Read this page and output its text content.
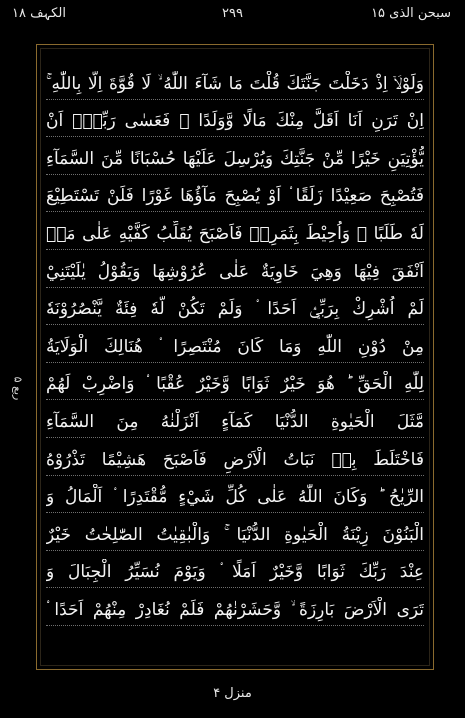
الکہف ۱۸	۲۹۹	سبحن الذی ۱۵
وَلَوْلَاۤ اِذْ دَخَلْتَ جَنَّتَكَ قُلْتَ مَا شَآءَ اللّٰهُ ۙ لَا قُوَّةَ اِلَّا بِاللّٰهِ ۚ
اِنْ تَرَنِ اَنَا اَقَلَّ مِنْكَ مَالًا وَّوَلَدًا ۟ فَعَسٰى رَبِّيْۤ اَنْ
يُّؤْتِيَنِ خَيْرًا مِّنْ جَنَّتِكَ وَيُرْسِلَ عَلَيْهَا حُسْبَانًا مِّنَ السَّمَآءِ
فَتُصْبِحَ صَعِيْدًا زَلَقًا ۟ اَوْ يُصْبِحَ مَآؤُهَا غَوْرًا فَلَنْ تَسْتَطِيْعَ
لَهٗ طَلَبًا ۟ وَاُحِيْطَ بِثَمَرِهٖ فَاَصْبَحَ يُقَلِّبُ كَفَّيْهِ عَلٰى مَاۤ
اَنْفَقَ فِيْهَا وَهِيَ خَاوِيَةٌ عَلٰى عُرُوْشِهَا وَيَقُوْلُ يٰلَيْتَنِيْ
لَمْ اُشْرِكْ بِرَبِّيْۤ اَحَدًا ۟ وَلَمْ تَكُنْ لَّهٗ فِئَةٌ يَّنْصُرُوْنَهٗ
مِنْ دُوْنِ اللّٰهِ وَمَا كَانَ مُنْتَصِرًا ۟ هُنَالِكَ الْوَلَايَةُ
لِلّٰهِ الْحَقِّ ؕ هُوَ خَيْرٌ ثَوَابًا وَّخَيْرٌ عُقْبًا ۟ وَاضْرِبْ لَهُمْ
مَّثَلَ الْحَيٰوةِ الدُّنْيَا كَمَآءٍ اَنْزَلْنٰهُ مِنَ السَّمَآءِ
فَاخْتَلَطَ بِهٖ نَبَاتُ الْاَرْضِ فَاَصْبَحَ هَشِيْمًا تَذْرُوْهُ
الرِّيٰحُ ؕ وَكَانَ اللّٰهُ عَلٰى كُلِّ شَيْءٍ مُّقْتَدِرًا ۟ اَلْمَالُ وَ
الْبَنُوْنَ زِيْنَةُ الْحَيٰوةِ الدُّنْيَا ۚ وَالْبٰقِيٰتُ الصّٰلِحٰتُ خَيْرٌ
عِنْدَ رَبِّكَ ثَوَابًا وَّخَيْرٌ اَمَلًا ۟ وَيَوْمَ نُسَيِّرُ الْجِبَالَ وَ
تَرَى الْاَرْضَ بَارِزَةً ۙ وَّحَشَرْنٰهُمْ فَلَمْ نُغَادِرْ مِنْهُمْ اَحَدًا ۟
ربع ۵
منزل ۴
